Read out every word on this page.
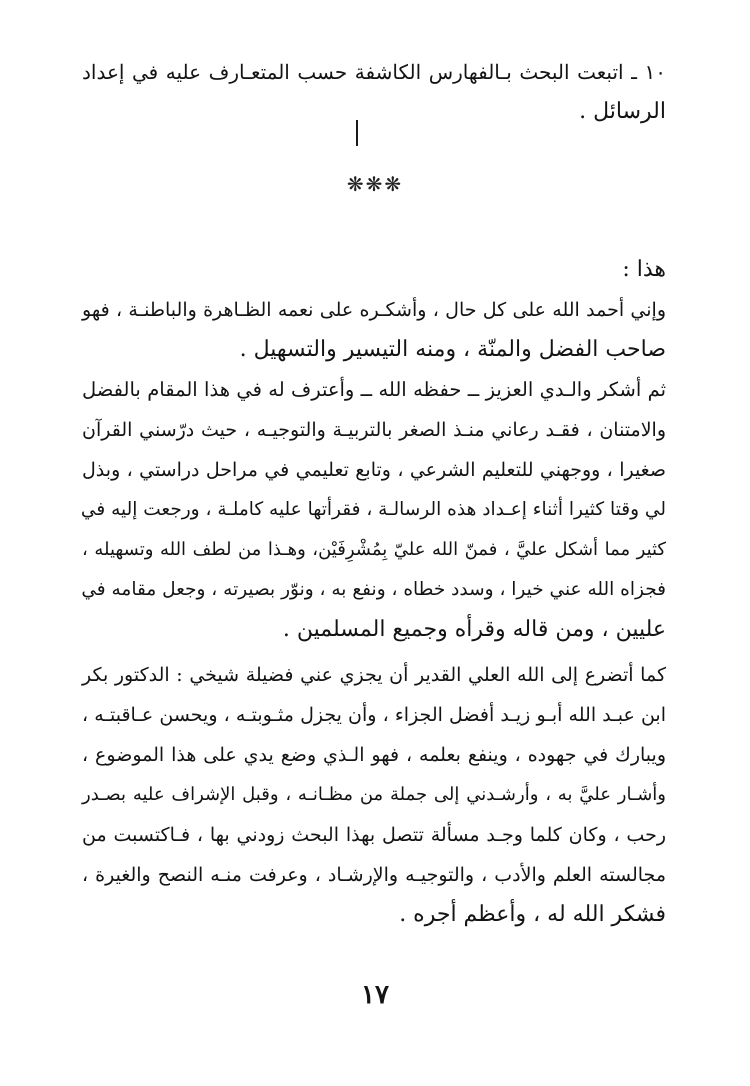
١٠ ـ اتبعت البحث بـالفهارس الكاشفة حسب المتعـارف عليه في إعداد
الرسائل .
❋❋❋
هذا :
وإني أحمد الله على كل حال ، وأشكـره على نعمه الظـاهرة والباطنـة ، فهو
صاحب الفضل والمنّة ، ومنه التيسير والتسهيل .
ثم أشكر والـدي العزيز ــ حفظه الله ــ وأعترف له في هذا المقام بالفضل
والامتنان ، فقـد رعاني منـذ الصغر بالتربيـة والتوجيـه ، حيث درّسني القرآن
صغيرا ، ووجهني للتعليم الشرعي ، وتابع تعليمي في مراحل دراستي ، وبذل
لي وقتا كثيرا أثناء إعـداد هذه الرسالـة ، فقرأتها عليه كاملـة ، ورجعت إليه في
كثير مما أشكل عليَّ ، فمنّ الله عليّ بِمُشْرِفَيْن، وهـذا من لطف الله وتسهيله ،
فجزاه الله عني خيرا ، وسدد خطاه ، ونفع به ، ونوّر بصيرته ، وجعل مقامه في
عليين ، ومن قاله وقرأه وجميع المسلمين .
كما أتضرع إلى الله العلي القدير أن يجزي عني فضيلة شيخي : الدكتور بكر
ابن عبـد الله أبـو زيـد أفضل الجزاء ، وأن يجزل مثـوبتـه ، ويحسن عـاقبتـه ،
ويبارك في جهوده ، وينفع بعلمه ، فهو الـذي وضع يدي على هذا الموضوع ،
وأشـار عليَّ به ، وأرشـدني إلى جملة من مظـانـه ، وقبل الإشراف عليه بصـدر
رحب ، وكان كلما وجـد مسألة تتصل بهذا البحث زودني بها ، فـاكتسبت من
مجالسته العلم والأدب ، والتوجيـه والإرشـاد ، وعرفت منـه النصح والغيرة ،
فشكر الله له ، وأعظم أجره .
١٧
